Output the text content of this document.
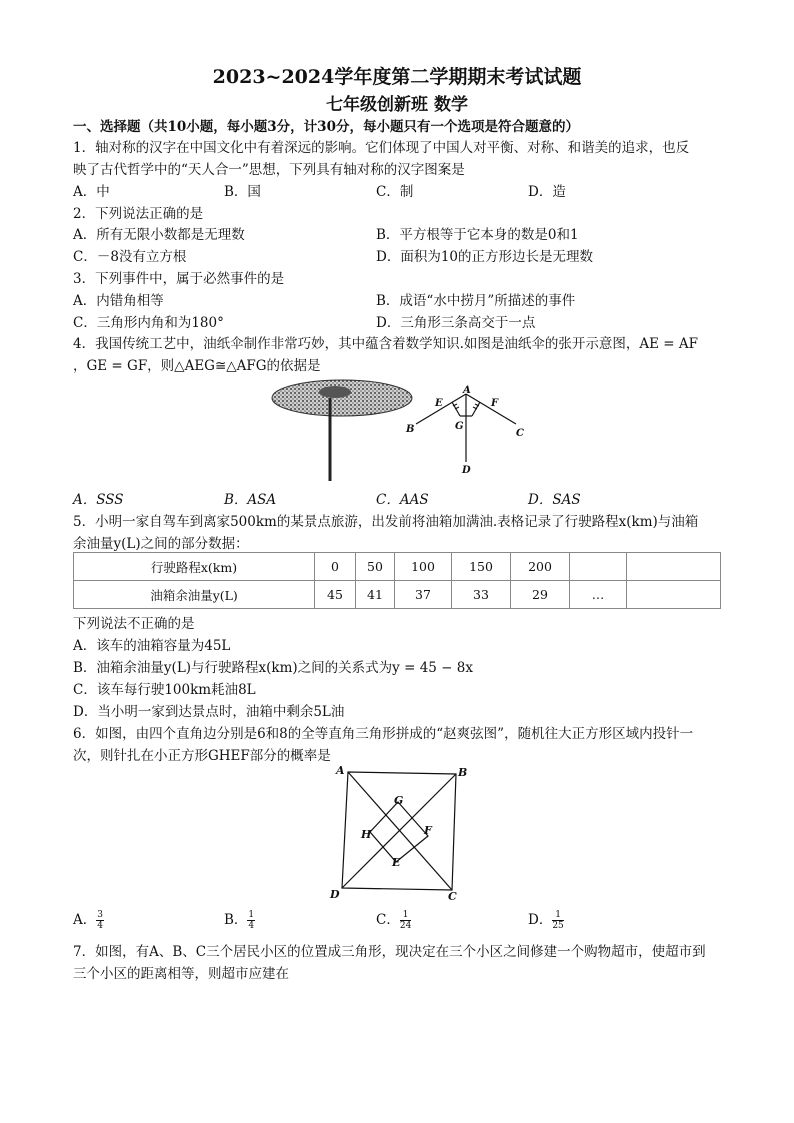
2023~2024学年度第二学期期末考试试题
七年级创新班 数学
一、选择题（共10小题，每小题3分，计30分，每小题只有一个选项是符合题意的）
1．轴对称的汉字在中国文化中有着深远的影响。它们体现了中国人对平衡、对称、和谐美的追求，也反
映了古代哲学中的“天人合一”思想，下列具有轴对称的汉字图案是
A．中	B．国	C．制	D．造
2．下列说法正确的是
A．所有无限小数都是无理数	B．平方根等于它本身的数是0和1
C．－8没有立方根	D．面积为10的正方形边长是无理数
3．下列事件中，属于必然事件的是
A．内错角相等	B．成语“水中捞月”所描述的事件
C．三角形内角和为180°	D．三角形三条高交于一点
4．我国传统工艺中，油纸伞制作非常巧妙，其中蕴含着数学知识.如图是油纸伞的张开示意图，AE = AF
，GE = GF，则△AEG≅△AFG的依据是
A
E	F
B	G
C
D
A．SSS	B．ASA	C．AAS	D．SAS
5．小明一家自驾车到离家500km的某景点旅游，出发前将油箱加满油.表格记录了行驶路程x(km)与油箱
余油量y(L)之间的部分数据：
行驶路程x(km)	0	50	100	150	200		
油箱余油量y(L)	45	41	37	33	29	…	
下列说法不正确的是
A．该车的油箱容量为45L
B．油箱余油量y(L)与行驶路程x(km)之间的关系式为y = 45 − 8x
C．该车每行驶100km耗油8L
D．当小明一家到达景点时，油箱中剩余5L油
6．如图，由四个直角边分别是6和8的全等直角三角形拼成的“赵爽弦图”，随机往大正方形区域内投针一
次，则针扎在小正方形GHEF部分的概率是
A	B
G
H	F
E
D	C
A． $\frac{3}{4}$	B． $\frac{1}{4}$	C． $\frac{1}{24}$	D． $\frac{1}{25}$
7．如图，有A、B、C三个居民小区的位置成三角形，现决定在三个小区之间修建一个购物超市，使超市到
三个小区的距离相等，则超市应建在
